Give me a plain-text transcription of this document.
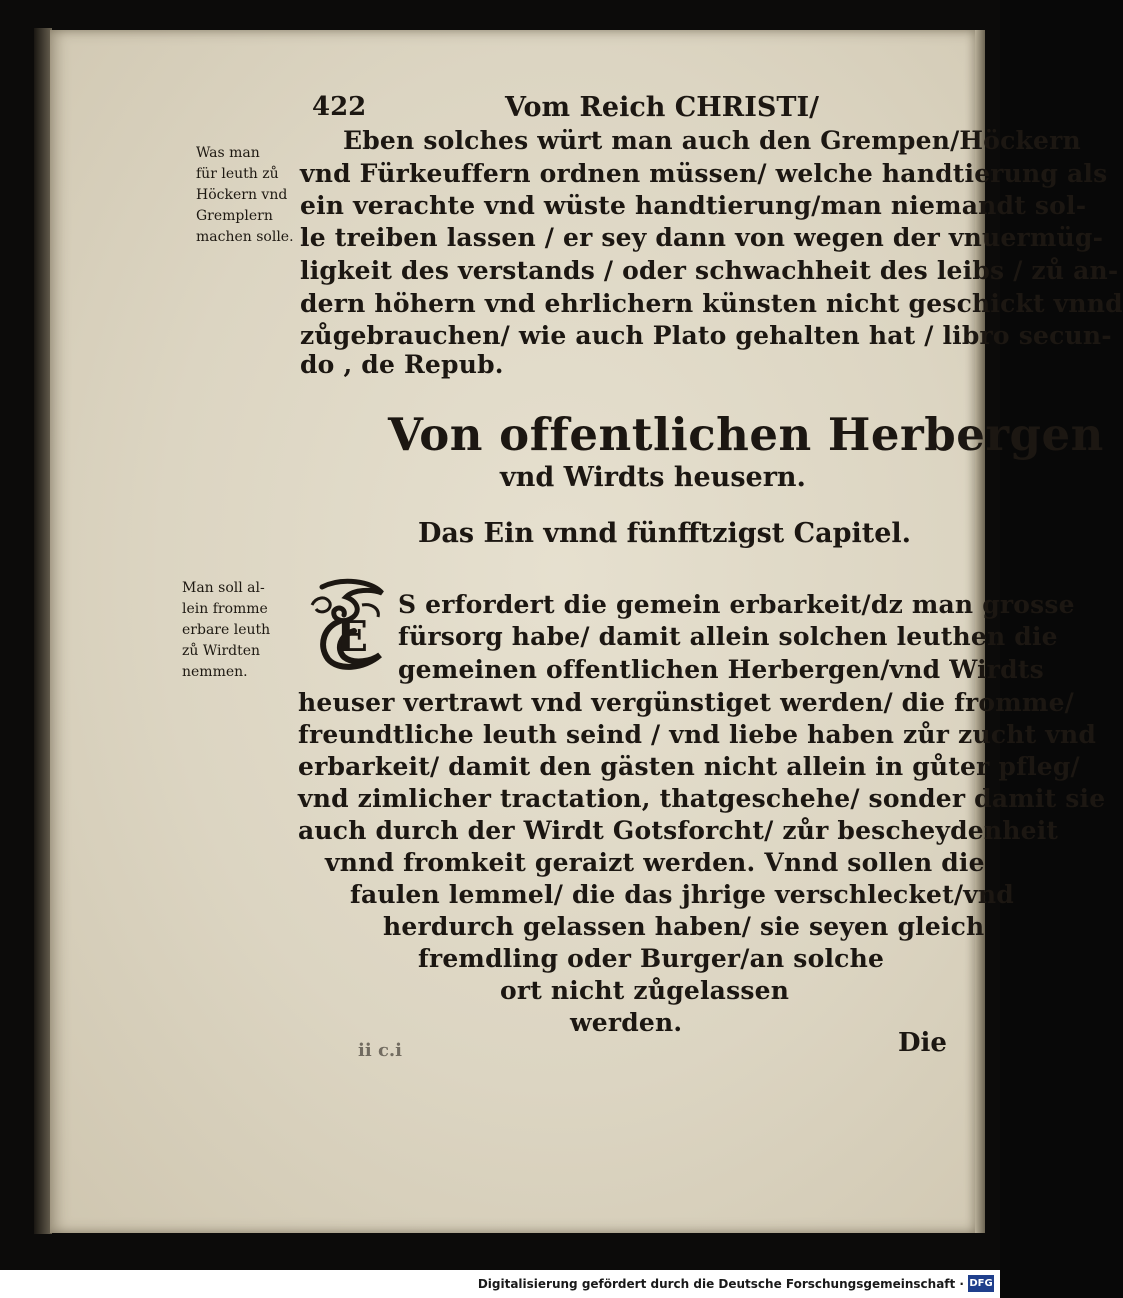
422	Vom Reich CHRISTI/
Was man
für leuth zů
Höckern vnd
Gremplern
machen solle.
Eben solches würt man auch den Grempen/Höckern
vnd Fürkeuffern ordnen müssen/ welche handtierung als
ein verachte vnd wüste handtierung/man niemandt sol-
le treiben lassen / er sey dann von wegen der vnuermüg-
ligkeit des verstands / oder schwachheit des leibs / zů an-
dern höhern vnd ehrlichern künsten nicht geschickt vnnd
zůgebrauchen/ wie auch Plato gehalten hat / libro secun-
do , de Repub.
Von offentlichen Herbergen
vnd Wirdts heusern.
Das Ein vnnd fünfftzigst Capitel.
Man soll al-
lein fromme
erbare leuth
zů Wirdten
nemmen.
E
S erfordert die gemein erbarkeit/dz man grosse
fürsorg habe/ damit allein solchen leuthen die
gemeinen offentlichen Herbergen/vnd Wirdts
heuser vertrawt vnd vergünstiget werden/ die fromme/
freundtliche leuth seind / vnd liebe haben zůr zucht vnd
erbarkeit/ damit den gästen nicht allein in gůter pfleg/
vnd zimlicher tractation, thatgeschehe/ sonder damit sie
auch durch der Wirdt Gotsforcht/ zůr bescheydenheit
vnnd fromkeit geraizt werden. Vnnd sollen die
faulen lemmel/ die das jhrige verschlecket/vnd
herdurch gelassen haben/ sie seyen gleich
fremdling oder Burger/an solche
ort nicht zůgelassen
werden.
ii c.i	Die
Digitalisierung gefördert durch die Deutsche Forschungsgemeinschaft · DFG
